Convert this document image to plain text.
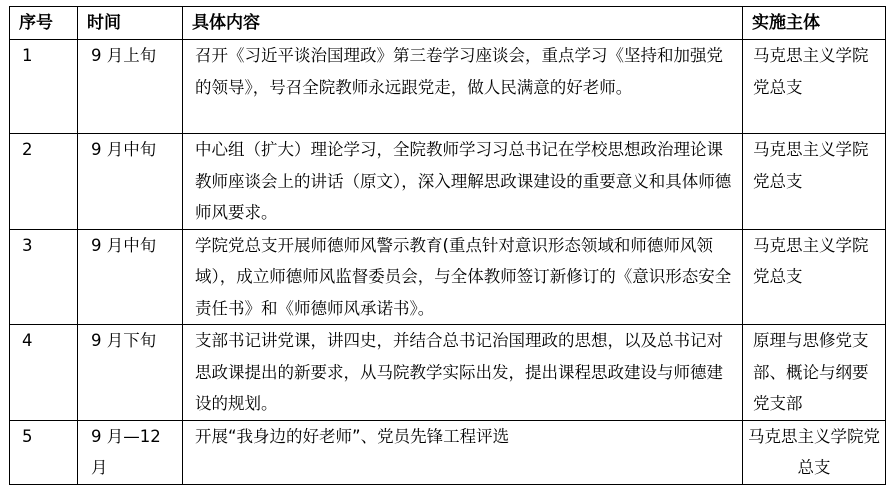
序号	时间	具体内容	实施主体
1	9 月上旬	召开《习近平谈治国理政》第三卷学习座谈会，重点学习《坚持和加强党的领导》，号召全院教师永远跟党走，做人民满意的好老师。	马克思主义学院党总支
2	9 月中旬	中心组（扩大）理论学习，全院教师学习习总书记在学校思想政治理论课教师座谈会上的讲话（原文），深入理解思政课建设的重要意义和具体师德师风要求。	马克思主义学院党总支
3	9 月中旬	学院党总支开展师德师风警示教育(重点针对意识形态领域和师德师风领域），成立师德师风监督委员会，与全体教师签订新修订的《意识形态安全责任书》和《师德师风承诺书》。	马克思主义学院党总支
4	9 月下旬	支部书记讲党课，讲四史，并结合总书记治国理政的思想，以及总书记对思政课提出的新要求，从马院教学实际出发，提出课程思政建设与师德建设的规划。	原理与思修党支部、概论与纲要党支部
5	9 月—12 月	开展“我身边的好老师”、党员先锋工程评选	马克思主义学院党总支
